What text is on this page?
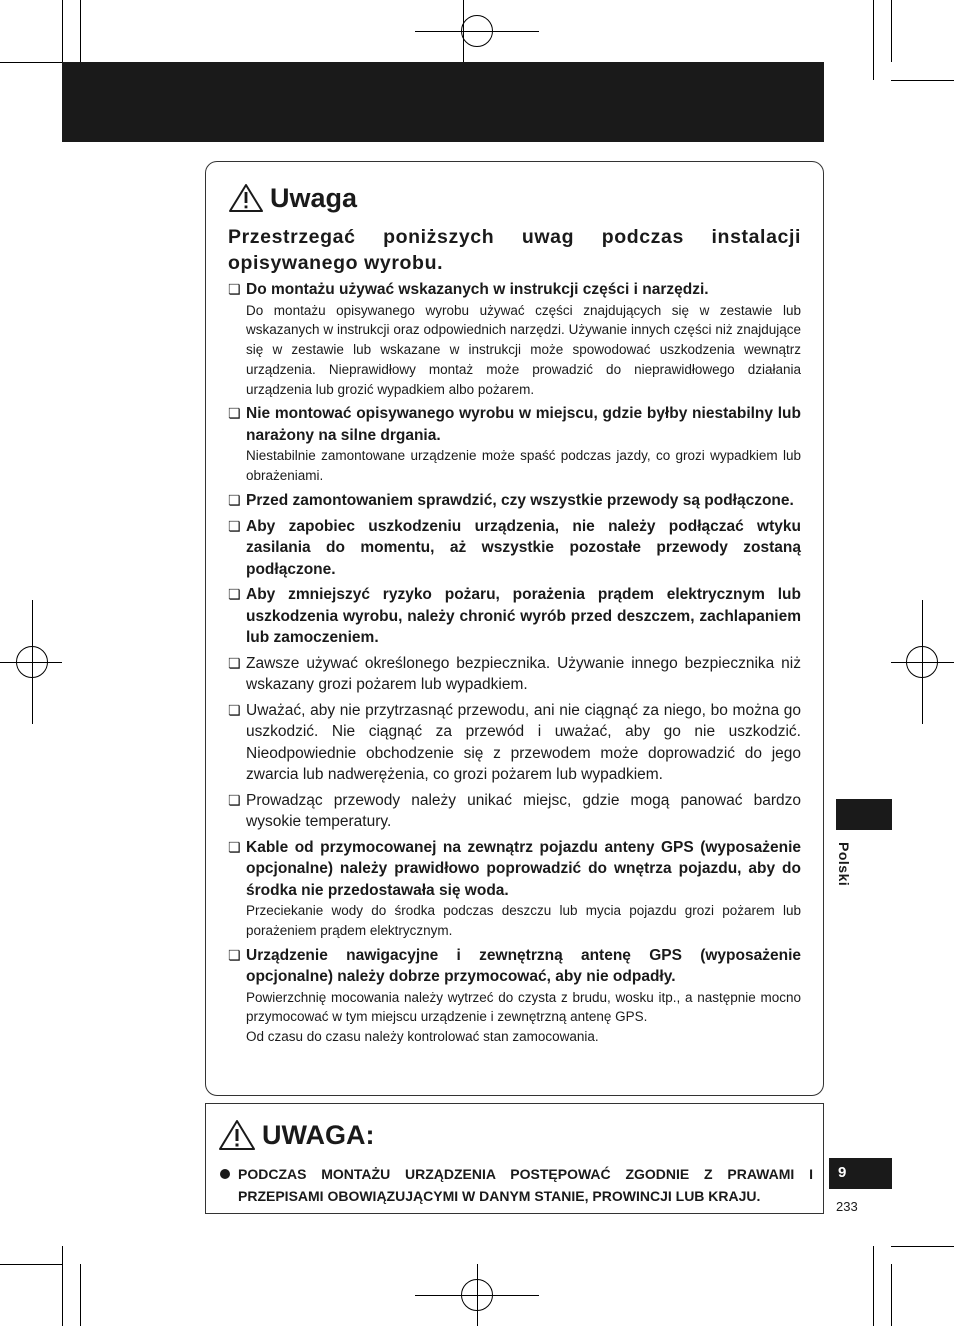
Uwaga

Przestrzegać poniższych uwag podczas instalacji opisywanego wyrobu.

❏ Do montażu używać wskazanych w instrukcji części i narzędzi.

Do montażu opisywanego wyrobu używać części znajdujących się w zestawie lub wskazanych w instrukcji oraz odpowiednich narzędzi. Używanie innych części niż znajdujące się w zestawie lub wskazane w instrukcji może spowodować uszkodzenia wewnątrz urządzenia. Nieprawidłowy montaż może prowadzić do nieprawidłowego działania urządzenia lub grozić wypadkiem albo pożarem.

❏ Nie montować opisywanego wyrobu w miejscu, gdzie byłby niestabilny lub narażony na silne drgania.

Niestabilnie zamontowane urządzenie może spaść podczas jazdy, co grozi wypadkiem lub obrażeniami.

❏ Przed zamontowaniem sprawdzić, czy wszystkie przewody są podłączone.

❏ Aby zapobiec uszkodzeniu urządzenia, nie należy podłączać wtyku zasilania do momentu, aż wszystkie pozostałe przewody zostaną podłączone.

❏ Aby zmniejszyć ryzyko pożaru, porażenia prądem elektrycznym lub uszkodzenia wyrobu, należy chronić wyrób przed deszczem, zachlapaniem lub zamoczeniem.

❏ Zawsze używać określonego bezpiecznika. Używanie innego bezpiecznika niż wskazany grozi pożarem lub wypadkiem.

❏ Uważać, aby nie przytrzasnąć przewodu, ani nie ciągnąć za niego, bo można go uszkodzić. Nie ciągnąć za przewód i uważać, aby go nie uszkodzić. Nieodpowiednie obchodzenie się z przewodem może doprowadzić do jego zwarcia lub nadwerężenia, co grozi pożarem lub wypadkiem.

❏ Prowadząc przewody należy unikać miejsc, gdzie mogą panować bardzo wysokie temperatury.

❏ Kable od przymocowanej na zewnątrz pojazdu anteny GPS (wyposażenie opcjonalne) należy prawidłowo poprowadzić do wnętrza pojazdu, aby do środka nie przedostawała się woda.

Przeciekanie wody do środka podczas deszczu lub mycia pojazdu grozi pożarem lub porażeniem prądem elektrycznym.

❏ Urządzenie nawigacyjne i zewnętrzną antenę GPS (wyposażenie opcjonalne) należy dobrze przymocować, aby nie odpadły.

Powierzchnię mocowania należy wytrzeć do czysta z brudu, wosku itp., a następnie mocno przymocować w tym miejscu urządzenie i zewnętrzną antenę GPS.

Od czasu do czasu należy kontrolować stan zamocowania.

UWAGA:

PODCZAS MONTAŻU URZĄDZENIA POSTĘPOWAĆ ZGODNIE Z PRAWAMI I PRZEPISAMI OBOWIĄZUJĄCYMI W DANYM STANIE, PROWINCJI LUB KRAJU.

Polski
9
233
